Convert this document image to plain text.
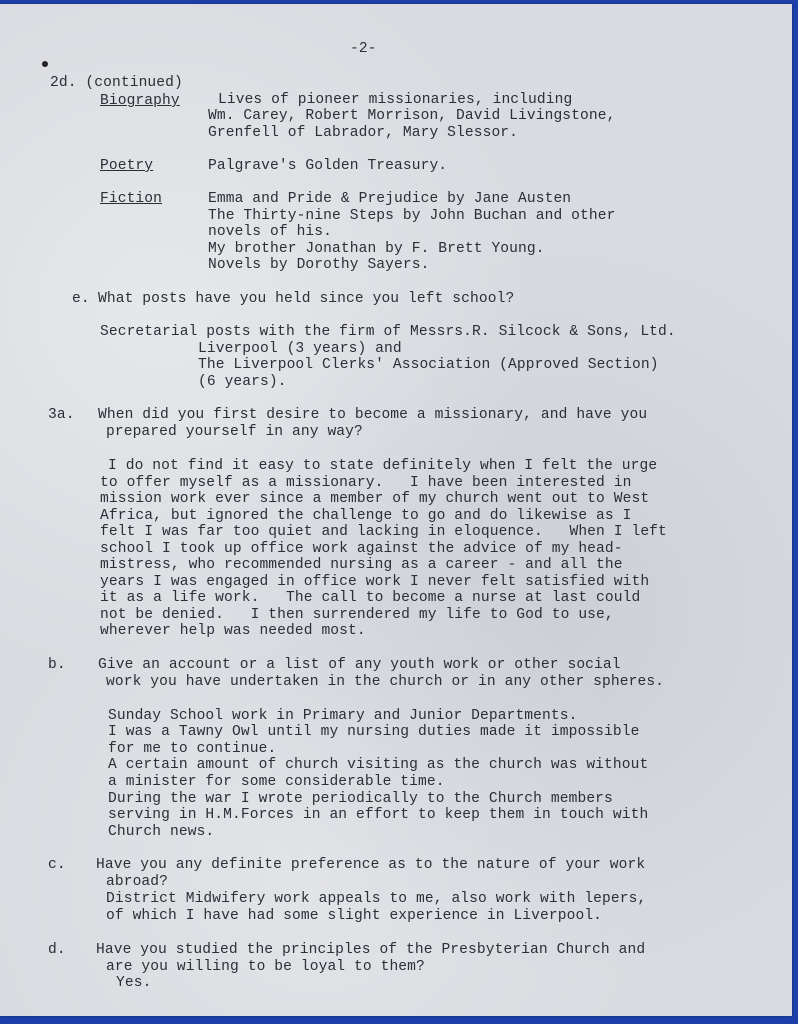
-2-
2d. (continued)
Biography	Lives of pioneer missionaries, including
Wm. Carey, Robert Morrison, David Livingstone,
Grenfell of Labrador, Mary Slessor.
Poetry	Palgrave's Golden Treasury.
Fiction	Emma and Pride & Prejudice by Jane Austen
The Thirty-nine Steps by John Buchan and other
novels of his.
My brother Jonathan by F. Brett Young.
Novels by Dorothy Sayers.
e. What posts have you held since you left school?
Secretarial posts with the firm of Messrs.R. Silcock & Sons, Ltd.
Liverpool (3 years) and
The Liverpool Clerks' Association (Approved Section)
(6 years).
3a. When did you first desire to become a missionary, and have you
prepared yourself in any way?
I do not find it easy to state definitely when I felt the urge
to offer myself as a missionary.   I have been interested in
mission work ever since a member of my church went out to West
Africa, but ignored the challenge to go and do likewise as I
felt I was far too quiet and lacking in eloquence.   When I left
school I took up office work against the advice of my head-
mistress, who recommended nursing as a career - and all the
years I was engaged in office work I never felt satisfied with
it as a life work.   The call to become a nurse at last could
not be denied.   I then surrendered my life to God to use,
wherever help was needed most.
b. Give an account or a list of any youth work or other social
work you have undertaken in the church or in any other spheres.
Sunday School work in Primary and Junior Departments.
I was a Tawny Owl until my nursing duties made it impossible
for me to continue.
A certain amount of church visiting as the church was without
a minister for some considerable time.
During the war I wrote periodically to the Church members
serving in H.M.Forces in an effort to keep them in touch with
Church news.
c. Have you any definite preference as to the nature of your work
abroad?
District Midwifery work appeals to me, also work with lepers,
of which I have had some slight experience in Liverpool.
d. Have you studied the principles of the Presbyterian Church and
are you willing to be loyal to them?
Yes.
